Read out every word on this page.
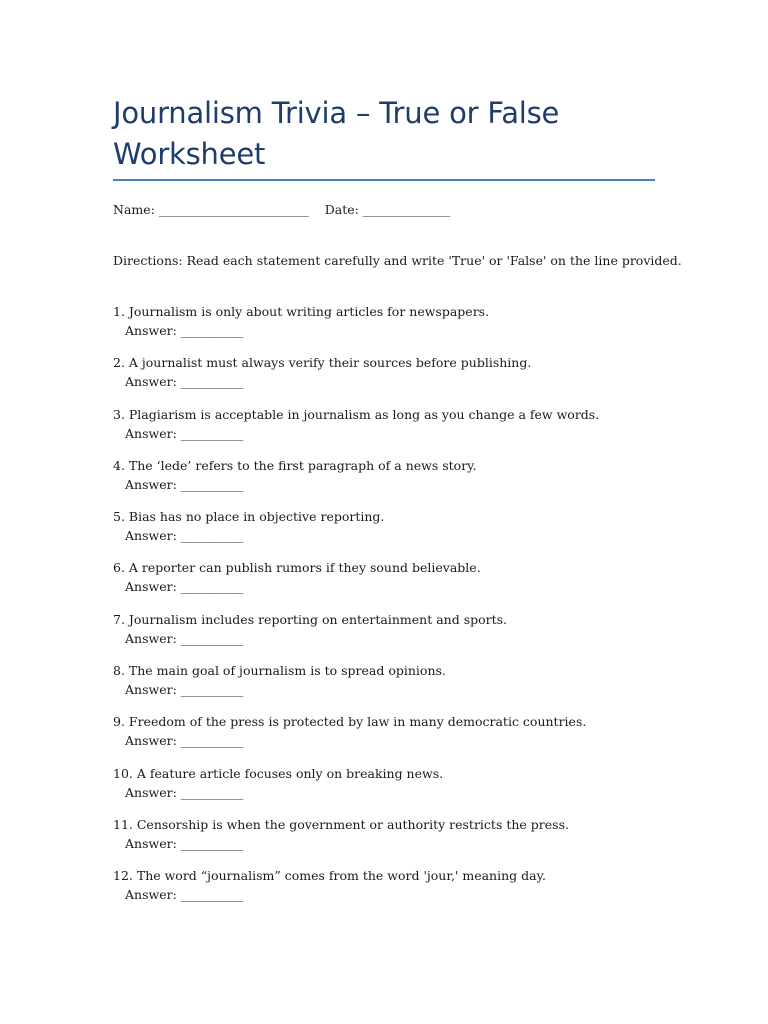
Journalism Trivia – True or False Worksheet
Name: ________________________    Date: ______________
Directions: Read each statement carefully and write 'True' or 'False' on the line provided.
1. Journalism is only about writing articles for newspapers.
Answer: __________
2. A journalist must always verify their sources before publishing.
Answer: __________
3. Plagiarism is acceptable in journalism as long as you change a few words.
Answer: __________
4. The ‘lede’ refers to the first paragraph of a news story.
Answer: __________
5. Bias has no place in objective reporting.
Answer: __________
6. A reporter can publish rumors if they sound believable.
Answer: __________
7. Journalism includes reporting on entertainment and sports.
Answer: __________
8. The main goal of journalism is to spread opinions.
Answer: __________
9. Freedom of the press is protected by law in many democratic countries.
Answer: __________
10. A feature article focuses only on breaking news.
Answer: __________
11. Censorship is when the government or authority restricts the press.
Answer: __________
12. The word “journalism” comes from the word 'jour,' meaning day.
Answer: __________
